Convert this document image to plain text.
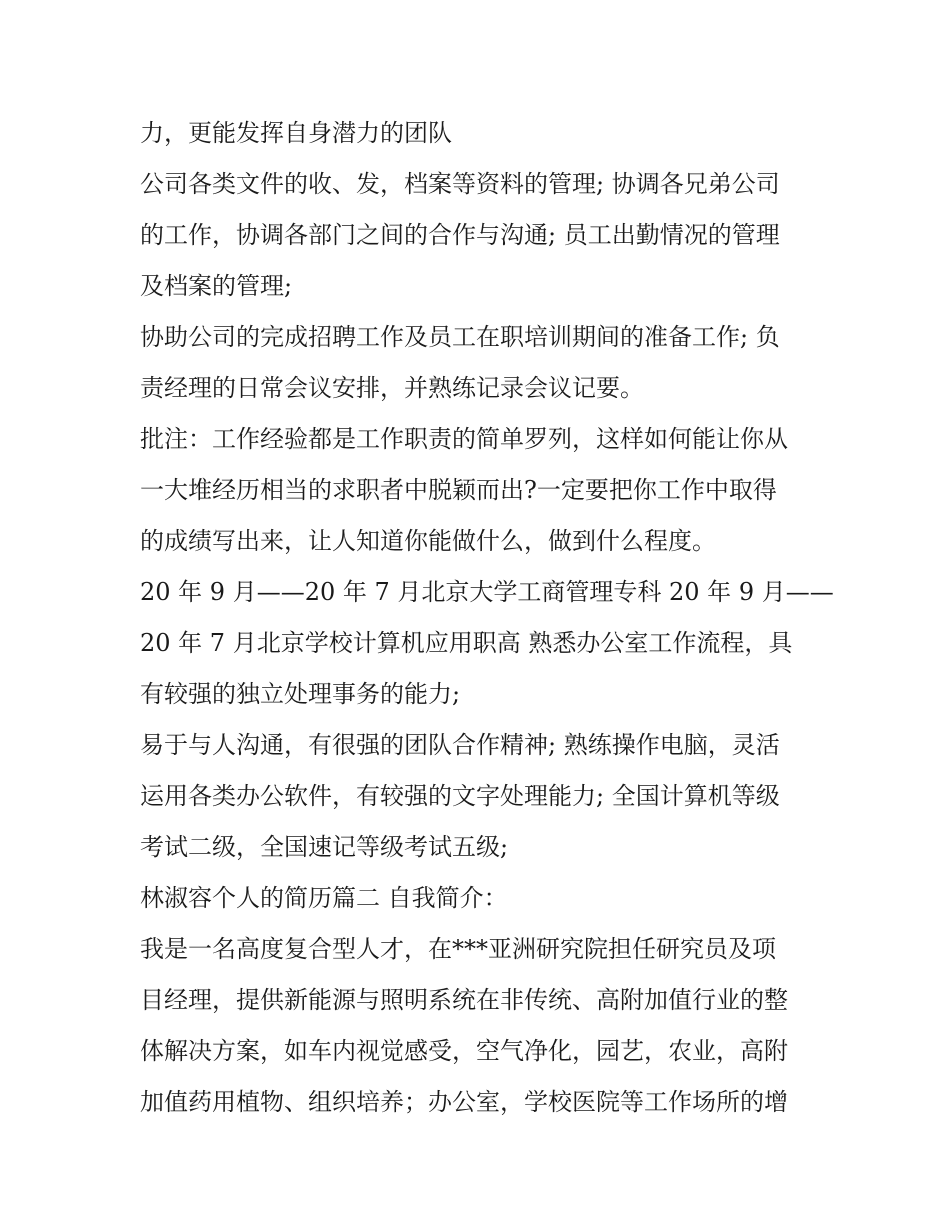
力，更能发挥自身潜力的团队
公司各类文件的收、发，档案等资料的管理; 协调各兄弟公司
的工作，协调各部门之间的合作与沟通; 员工出勤情况的管理
及档案的管理;
协助公司的完成招聘工作及员工在职培训期间的准备工作; 负
责经理的日常会议安排，并熟练记录会议记要。
批注：工作经验都是工作职责的简单罗列，这样如何能让你从
一大堆经历相当的求职者中脱颖而出?一定要把你工作中取得
的成绩写出来，让人知道你能做什么，做到什么程度。
20 年 9 月——20 年 7 月北京大学工商管理专科 20 年 9 月——
20 年 7 月北京学校计算机应用职高 熟悉办公室工作流程，具
有较强的独立处理事务的能力;
易于与人沟通，有很强的团队合作精神; 熟练操作电脑，灵活
运用各类办公软件，有较强的文字处理能力; 全国计算机等级
考试二级，全国速记等级考试五级;
林淑容个人的简历篇二 自我简介：
我是一名高度复合型人才，在***亚洲研究院担任研究员及项
目经理，提供新能源与照明系统在非传统、高附加值行业的整
体解决方案，如车内视觉感受，空气净化，园艺，农业，高附
加值药用植物、组织培养；办公室，学校医院等工作场所的增
